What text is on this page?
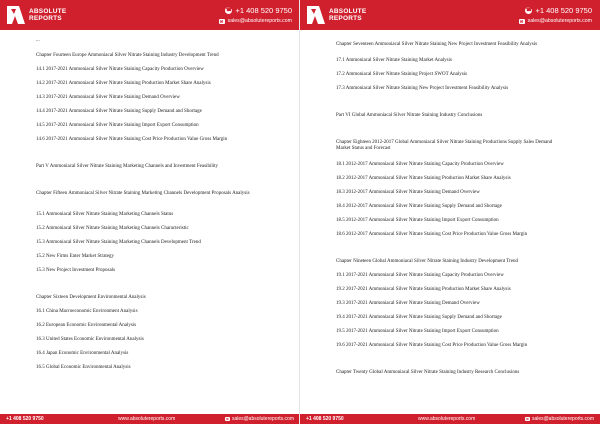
ABSOLUTE
REPORTS
☎ +1 408 520 9750
✉ sales@absolutereports.com
...
Chapter Fourteen Europe Ammoniacal Silver Nitrate Staining Industry Development Trend
14.1 2017-2021 Ammoniacal Silver Nitrate Staining Capacity Production Overview
14.2 2017-2021 Ammoniacal Silver Nitrate Staining Production Market Share Analysis
14.3 2017-2021 Ammoniacal Silver Nitrate Staining Demand Overview
14.4 2017-2021 Ammoniacal Silver Nitrate Staining Supply Demand and Shortage
14.5 2017-2021 Ammoniacal Silver Nitrate Staining Import Export Consumption
14.6 2017-2021 Ammoniacal Silver Nitrate Staining Cost Price Production Value Gross Margin
Part V Ammoniacal Silver Nitrate Staining Marketing Channels and Investment Feasibility
Chapter Fifteen Ammoniacal Silver Nitrate Staining Marketing Channels Development Proposals Analysis
15.1 Ammoniacal Silver Nitrate Staining Marketing Channels Status
15.2 Ammoniacal Silver Nitrate Staining Marketing Channels Characteristic
15.3 Ammoniacal Silver Nitrate Staining Marketing Channels Development Trend
15.2 New Firms Enter Market Strategy
15.3 New Project Investment Proposals
Chapter Sixteen Development Environmental Analysis
16.1 China Macroeconomic Environment Analysis
16.2 European Economic Environmental Analysis
16.3 United States Economic Environmental Analysis
16.4 Japan Economic Environmental Analysis
16.5 Global Economic Environmental Analysis
+1 408 520 9750	www.absolutereports.com	✉ sales@absolutereports.com
ABSOLUTE
REPORTS
☎ +1 408 520 9750
✉ sales@absolutereports.com
Chapter Seventeen Ammoniacal Silver Nitrate Staining New Project Investment Feasibility Analysis
17.1 Ammoniacal Silver Nitrate Staining Market Analysis
17.2 Ammoniacal Silver Nitrate Staining Project SWOT Analysis
17.3 Ammoniacal Silver Nitrate Staining New Project Investment Feasibility Analysis
Part VI Global Ammoniacal Silver Nitrate Staining Industry Conclusions
Chapter Eighteen 2012-2017 Global Ammoniacal Silver Nitrate Staining Productions Supply Sales Demand Market Status and Forecast
18.1 2012-2017 Ammoniacal Silver Nitrate Staining Capacity Production Overview
18.2 2012-2017 Ammoniacal Silver Nitrate Staining Production Market Share Analysis
18.3 2012-2017 Ammoniacal Silver Nitrate Staining Demand Overview
18.4 2012-2017 Ammoniacal Silver Nitrate Staining Supply Demand and Shortage
18.5 2012-2017 Ammoniacal Silver Nitrate Staining Import Export Consumption
18.6 2012-2017 Ammoniacal Silver Nitrate Staining Cost Price Production Value Gross Margin
Chapter Nineteen Global Ammoniacal Silver Nitrate Staining Industry Development Trend
19.1 2017-2021 Ammoniacal Silver Nitrate Staining Capacity Production Overview
19.2 2017-2021 Ammoniacal Silver Nitrate Staining Production Market Share Analysis
19.3 2017-2021 Ammoniacal Silver Nitrate Staining Demand Overview
19.4 2017-2021 Ammoniacal Silver Nitrate Staining Supply Demand and Shortage
19.5 2017-2021 Ammoniacal Silver Nitrate Staining Import Export Consumption
19.6 2017-2021 Ammoniacal Silver Nitrate Staining Cost Price Production Value Gross Margin
Chapter Twenty Global Ammoniacal Silver Nitrate Staining Industry Research Conclusions
+1 408 520 9750	www.absolutereports.com	✉ sales@absolutereports.com
